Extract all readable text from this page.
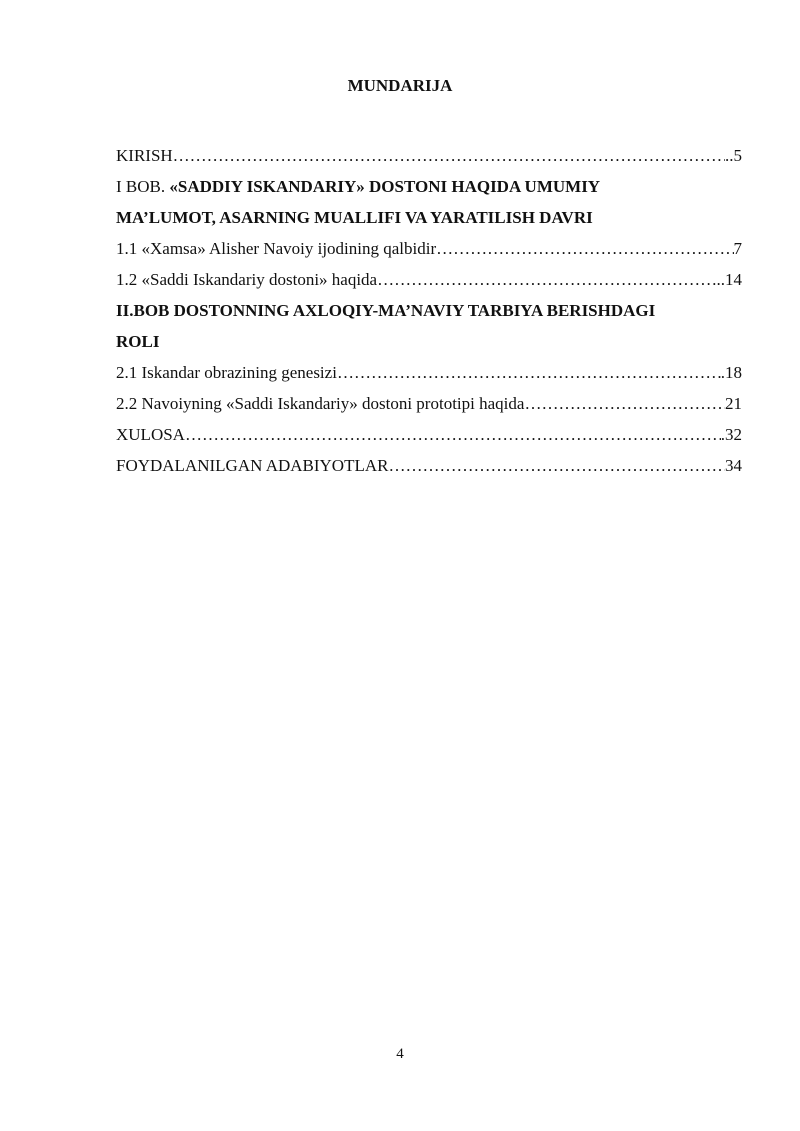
MUNDARIJA
KIRISH …………………………………………………………………………………………………………………………………………………………	..5
I BOB. «SADDIY ISKANDARIY» DOSTONI HAQIDA UMUMIY
MA’LUMOT, ASARNING MUALLIFI VA YARATILISH DAVRI
1.1 «Xamsa» Alisher Navoiy ijodining qalbidir …………………………………………………………………………………………………………………………………………………………	7
1.2 «Saddi Iskandariy dostoni» haqida …………………………………………………………………………………………………………………………………………………………	..14
II.BOB DOSTONNING AXLOQIY-MA’NAVIY TARBIYA BERISHDAGI
ROLI
2.1 Iskandar obrazining genesizi …………………………………………………………………………………………………………………………………………………………	.18
2.2 Navoiyning «Saddi Iskandariy» dostoni prototipi haqida …………………………………………………………………………………………………………………………………………………………	21
XULOSA …………………………………………………………………………………………………………………………………………………………	.32
FOYDALANILGAN ADABIYOTLAR …………………………………………………………………………………………………………………………………………………………	34
4
